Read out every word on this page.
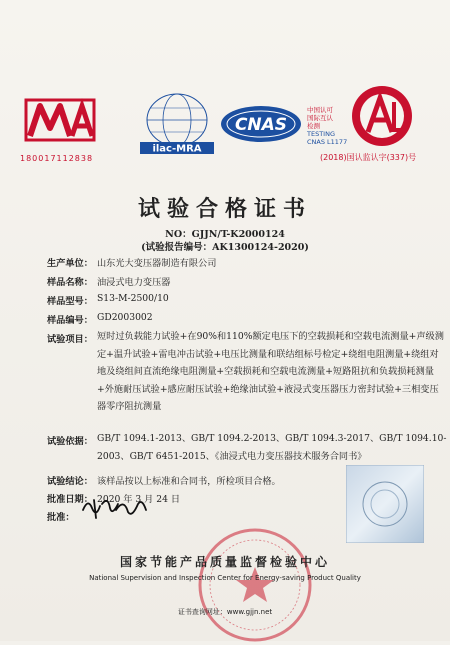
180017112838
ilac-MRA
CNAS
中国认可
国际互认
检测
TESTING
CNAS L1177
(2018)国认监认字(337)号
试验合格证书
NO：GJJN/T-K2000124
(试验报告编号：AK1300124-2020)
生产单位： 山东光大变压器制造有限公司
样品名称： 油浸式电力变压器
样品型号： S13-M-2500/10
样品编号： GD2003002
试验项目： 短时过负载能力试验+在90%和110%额定电压下的空载损耗和空载电流测量+声级测定+温升试验+雷电冲击试验+电压比测量和联结组标号检定+绕组电阻测量+绕组对地及绕组间直流绝缘电阻测量+空载损耗和空载电流测量+短路阻抗和负载损耗测量+外施耐压试验+感应耐压试验+绝缘油试验+液浸式变压器压力密封试验+三相变压器零序阻抗测量
试验依据： GB/T 1094.1-2013、GB/T 1094.2-2013、GB/T 1094.3-2017、GB/T 1094.10-2003、GB/T 6451-2015、《油浸式电力变压器技术服务合同书》
试验结论： 该样品按以上标准和合同书，所检项目合格。
批准日期： 2020 年 3 月 24 日
批准：
国家节能产品质量监督检验中心
National Supervision and Inspection Center for Energy-saving Product Quality
证书查询网址：www.gjjn.net
